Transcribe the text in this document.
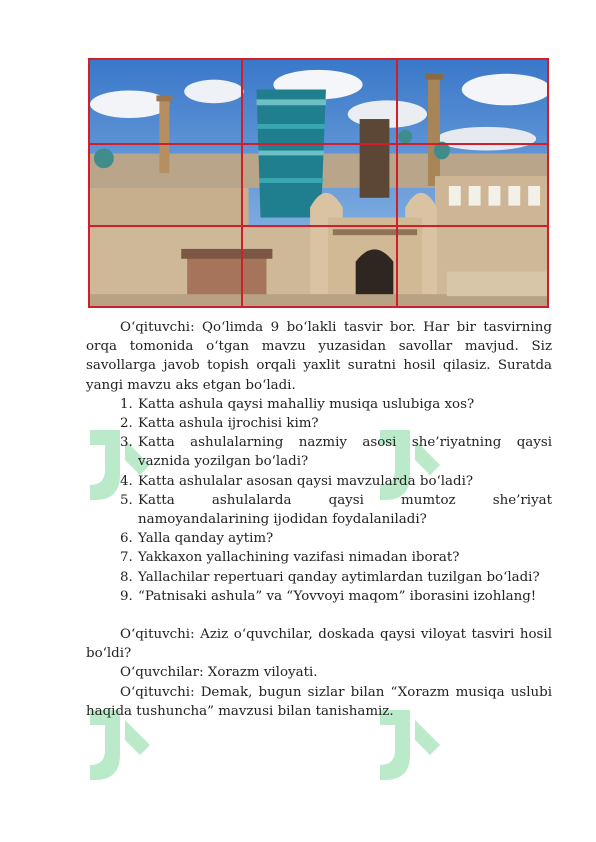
O‘qituvchi: Qo‘limda 9 bo‘lakli tasvir bor. Har bir tasvirning orqa tomonida o‘tgan mavzu yuzasidan savollar mavjud. Siz savollarga javob topish orqali yaxlit suratni hosil qilasiz. Suratda yangi mavzu aks etgan bo‘ladi.

1. Katta ashula qaysi mahalliy musiqa uslubiga xos?
2. Katta ashula ijrochisi kim?
3. Katta ashulalarning nazmiy asosi she’riyatning qaysi vaznida yozilgan bo‘ladi?
4. Katta ashulalar asosan qaysi mavzularda bo‘ladi?
5. Katta ashulalarda qaysi mumtoz she’riyat namoyandalarining ijodidan foydalaniladi?
6. Yalla qanday aytim?
7. Yakkaxon yallachining vazifasi nimadan iborat?
8. Yallachilar repertuari qanday aytimlardan tuzilgan bo‘ladi?
9. “Patnisaki ashula” va “Yovvoyi maqom” iborasini izohlang!

O‘qituvchi: Aziz o‘quvchilar, doskada qaysi viloyat tasviri hosil bo‘ldi?

O‘quvchilar: Xorazm viloyati.

O‘qituvchi: Demak, bugun sizlar bilan “Xorazm musiqa uslubi haqida tushuncha” mavzusi bilan tanishamiz.
